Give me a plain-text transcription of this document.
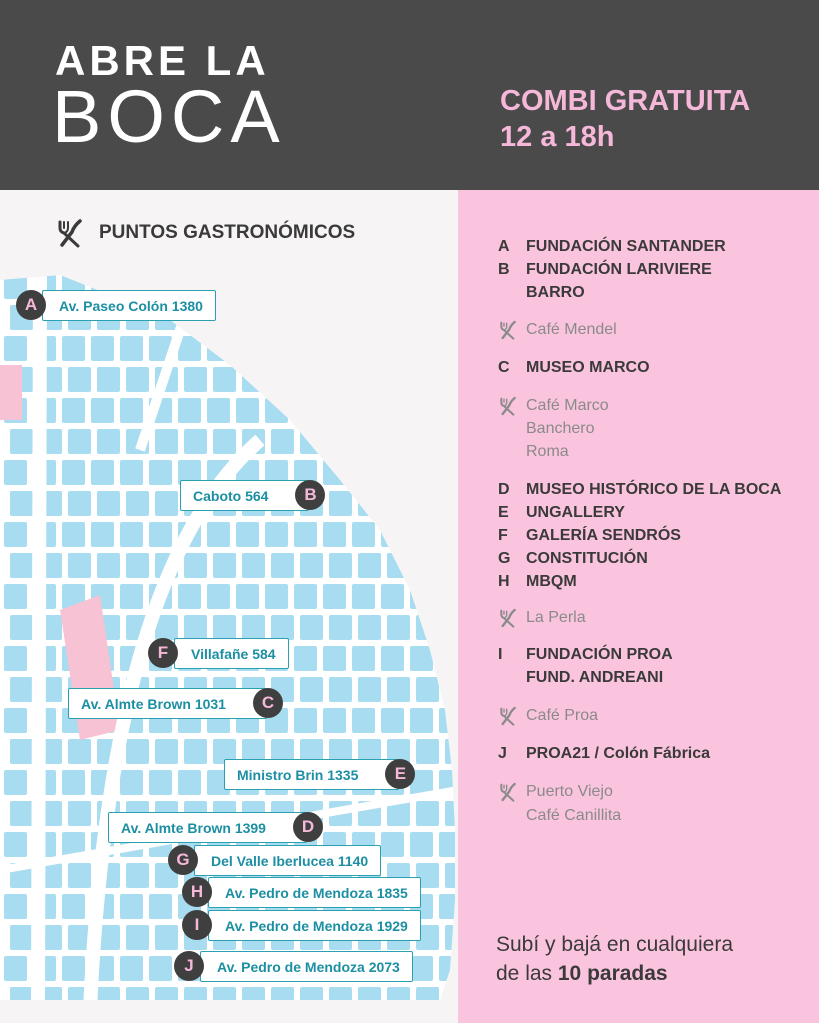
ABRE LA
BOCA	COMBI GRATUITA
12 a 18h
PUNTOS GASTRONÓMICOS
A	Av. Paseo Colón 1380
Caboto 564	B
F	Villafañe 584
Av. Almte Brown 1031	C
Ministro Brin 1335	E
Av. Almte Brown 1399	D
G	Del Valle Iberlucea 1140
H	Av. Pedro de Mendoza 1835
I	Av. Pedro de Mendoza 1929
J	Av. Pedro de Mendoza 2073
A	FUNDACIÓN SANTANDER
B	FUNDACIÓN LARIVIERE
BARRO
Café Mendel
C	MUSEO MARCO
Café Marco
Banchero
Roma
D	MUSEO HISTÓRICO DE LA BOCA
E	UNGALLERY
F	GALERÍA SENDRÓS
G CONSTITUCIÓN
H	MBQM
La Perla
I	FUNDACIÓN PROA
FUND. ANDREANI
Café Proa
J	PROA21 / Colón Fábrica
Puerto Viejo
Café Canillita
Subí y bajá en cualquiera
de las 10 paradas
